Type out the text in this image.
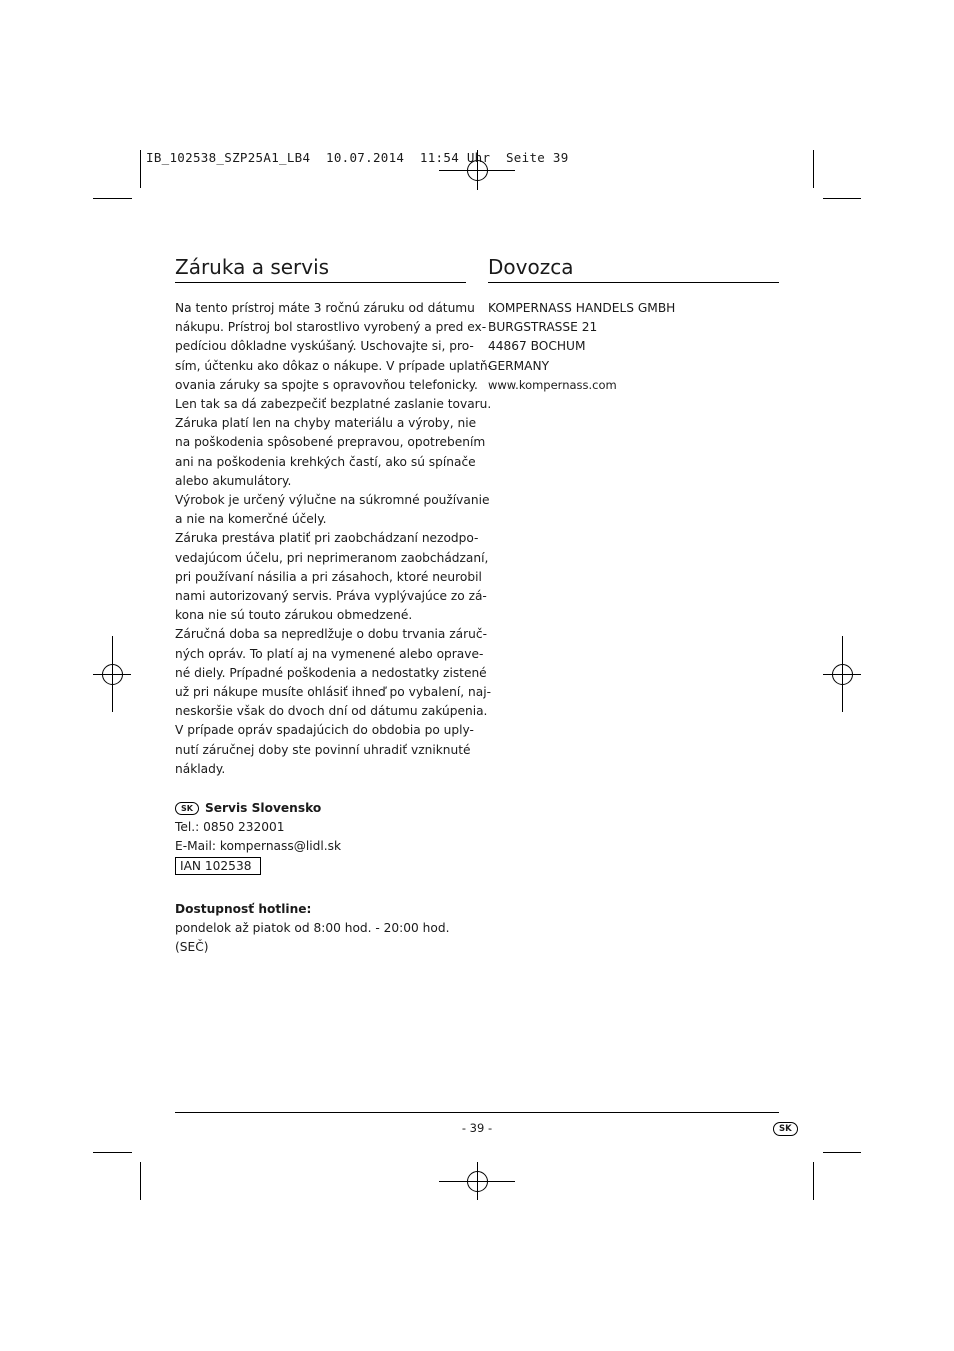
IB_102538_SZP25A1_LB4  10.07.2014  11:54 Uhr  Seite 39
Záruka a servis
Na tento prístroj máte 3 ročnú záruku od dátumu
nákupu. Prístroj bol starostlivo vyrobený a pred ex-
pedíciou dôkladne vyskúšaný. Uschovajte si, pro-
sím, účtenku ako dôkaz o nákupe. V prípade uplatň-
ovania záruky sa spojte s opravovňou telefonicky.
Len tak sa dá zabezpečiť bezplatné zaslanie tovaru.
Záruka platí len na chyby materiálu a výroby, nie
na poškodenia spôsobené prepravou, opotrebením
ani na poškodenia krehkých častí, ako sú spínače
alebo akumulátory.
Výrobok je určený výlučne na súkromné používanie
a nie na komerčné účely.
Záruka prestáva platiť pri zaobchádzaní nezodpo-
vedajúcom účelu, pri neprimeranom zaobchádzaní,
pri používaní násilia a pri zásahoch, ktoré neurobil
nami autorizovaný servis. Práva vyplývajúce zo zá-
kona nie sú touto zárukou obmedzené.
Záručná doba sa nepredlžuje o dobu trvania záruč-
ných opráv. To platí aj na vymenené alebo oprave-
né diely. Prípadné poškodenia a nedostatky zistené
už pri nákupe musíte ohlásiť ihneď po vybalení, naj-
neskoršie však do dvoch dní od dátumu zakúpenia.
V prípade opráv spadajúcich do obdobia po uply-
nutí záručnej doby ste povinní uhradiť vzniknuté
náklady.
SK Servis Slovensko
Tel.: 0850 232001
E-Mail: kompernass@lidl.sk
IAN 102538
Dostupnosť hotline:
pondelok až piatok od 8:00 hod. - 20:00 hod.
(SEČ)
Dovozca
KOMPERNASS HANDELS GMBH
BURGSTRASSE 21
44867 BOCHUM
GERMANY
www.kompernass.com
- 39 -	SK
